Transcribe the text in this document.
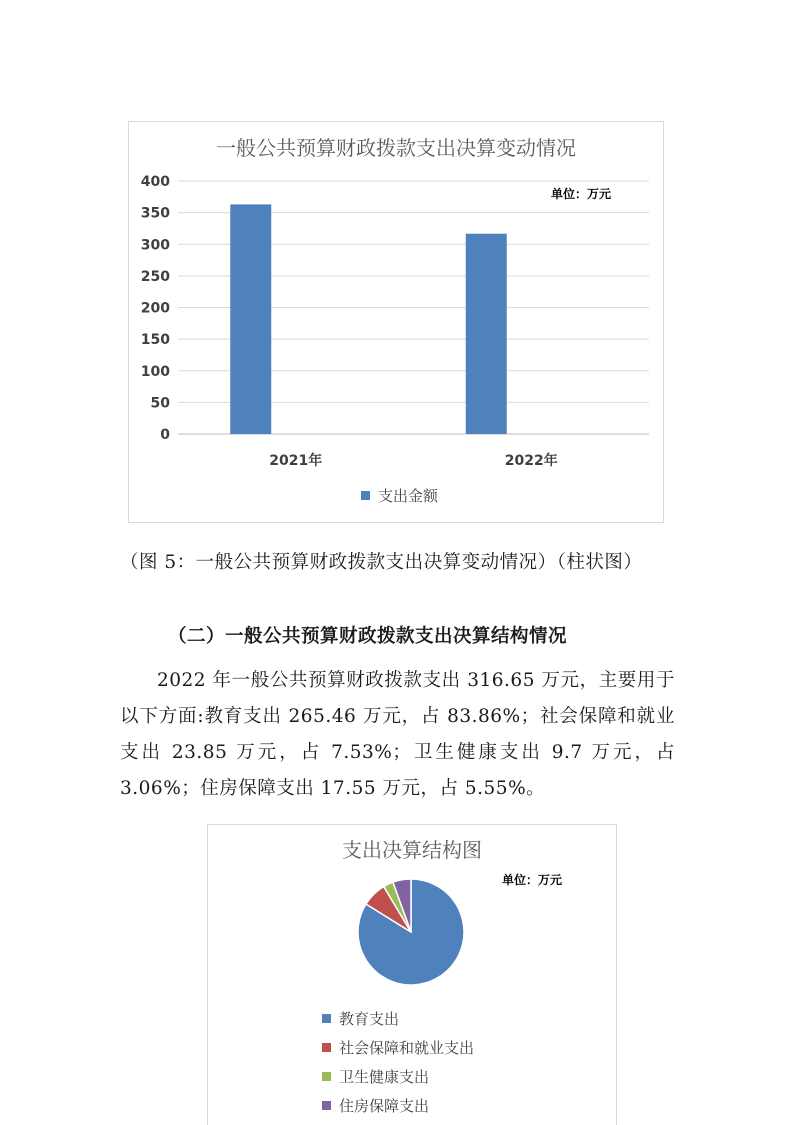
一般公共预算财政拨款支出决算变动情况
单位：万元
0
50
100
150
200
250
300
350
400
2021年	2022年
支出金额

（图 5：一般公共预算财政拨款支出决算变动情况）（柱状图）

（二）一般公共预算财政拨款支出决算结构情况

2022 年一般公共预算财政拨款支出 316.65 万元，主要用于以下方面:教育支出 265.46 万元，占 83.86%；社会保障和就业支出 23.85 万元，占 7.53%；卫生健康支出 9.7 万元，占 3.06%；住房保障支出 17.55 万元，占 5.55%。

支出决算结构图
单位：万元
教育支出
社会保障和就业支出
卫生健康支出
住房保障支出
